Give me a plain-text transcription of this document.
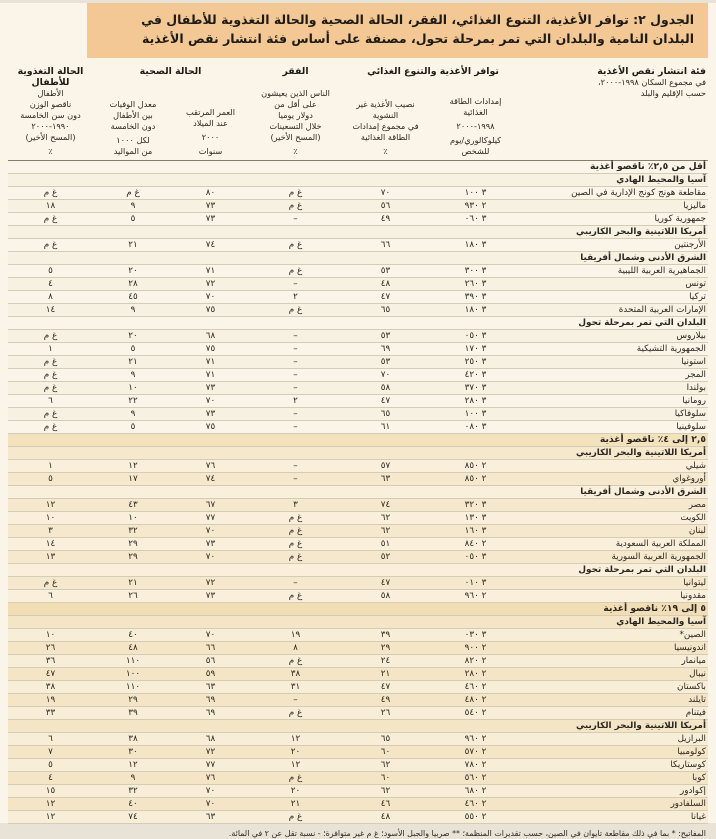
الجدول ٢: توافر الأغذية، التنوع الغذائي، الفقر، الحالة الصحية والحالة التغذوية للأطفال في البلدان النامية والبلدان التي تمر بمرحلة تحول، مصنفة على أساس فئة انتشار نقص الأغذية
فئة انتشار نقص الأغذية
في مجموع السكان ١٩٩٨-٢٠٠٠،
حسب الإقليم والبلد	توافر الأغذية والتنوع الغذائي		الفقر	الحالة الصحية		الحالة التغذوية للأطفال

إمدادات الطاقة
الغذائية
١٩٩٨-٢٠٠٠
كيلوكالوري/يوم
للشخص

نصيب الأغذية غير النشوية
في مجموع إمدادات
الطاقة الغذائية
٪

الناس الذين يعيشون
على أقل من
دولار يوميا
خلال التسعينات
(المسح الأخير)
٪

العمر المرتقب
عند الميلاد
٢٠٠٠
سنوات

معدل الوفيات
بين الأطفال
دون الخامسة
لكل ١٠٠٠
من المواليد

الأطفال
ناقصو الوزن
دون سن الخامسة
١٩٩٠-٢٠٠٠
(المسح الأخير)
٪

أقل من ٢,٥٪ ناقصو أغذية						
آسيا والمحيط الهادي						
مقاطعة هونج كونج الإدارية في الصين	٣ ١٠٠	٧٠	غ م	٨٠	غ م	غ م
ماليزيا	٢ ٩٣٠	٥٦	غ م	٧٣	٩	١٨
جمهورية كوريا	٣ ٠٦٠	٤٩	–	٧٣	٥	غ م
أمريكا اللاتينية والبحر الكاريبي						
الأرجنتين	٣ ١٨٠	٦٦	غ م	٧٤	٢١	غ م
الشرق الأدنى وشمال أفريقيا						
الجماهيرية العربية الليبية	٣ ٣٠٠	٥٣	غ م	٧١	٢٠	٥
تونس	٣ ٢٦٠	٤٨	–	٧٢	٢٨	٤
تركيا	٣ ٣٩٠	٤٧	٢	٧٠	٤٥	٨
الإمارات العربية المتحدة	٣ ١٨٠	٦٥	غ م	٧٥	٩	١٤
البلدان التي تمر بمرحلة تحول						
بيلاروس	٣ ٠٥٠	٥٣	–	٦٨	٢٠	غ م
الجمهورية التشيكية	٣ ١٧٠	٦٩	–	٧٥	٥	١
استونيا	٣ ٢٥٠	٥٣	–	٧١	٢١	غ م
المجر	٣ ٤٢٠	٧٠	–	٧١	٩	غ م
بولندا	٣ ٣٧٠	٥٨	–	٧٣	١٠	غ م
رومانيا	٣ ٢٨٠	٤٧	٢	٧٠	٢٢	٦
سلوفاكيا	٣ ١٠٠	٦٥	–	٧٣	٩	غ م
سلوفينيا	٣ ٠٨٠	٦١	–	٧٥	٥	غ م
٢,٥ إلى ٤٪ ناقصو أغذية						
أمريكا اللاتينية والبحر الكاريبي						
شيلي	٢ ٨٥٠	٥٧	–	٧٦	١٢	١
أوروغواي	٢ ٨٥٠	٦٣	–	٧٤	١٧	٥
الشرق الأدنى وشمال أفريقيا						
مصر	٣ ٣٢٠	٧٤	٣	٦٧	٤٣	١٢
الكويت	٣ ١٣٠	٦٢	غ م	٧٧	١٠	١٠
لبنان	٣ ١٦٠	٦٢	غ م	٧٠	٣٢	٣
المملكة العربية السعودية	٢ ٨٤٠	٥١	غ م	٧٣	٢٩	١٤
الجمهورية العربية السورية	٣ ٠٥٠	٥٢	غ م	٧٠	٢٩	١٣
البلدان التي تمر بمرحلة تحول						
ليتوانيا	٣ ٠١٠	٤٧	–	٧٢	٢١	غ م
مقدونيا	٢ ٩٦٠	٥٨	غ م	٧٣	٢٦	٦
٥ إلى ١٩٪ ناقصو أغذية						
آسيا والمحيط الهادي						
الصين*	٣ ٠٣٠	٣٩	١٩	٧٠	٤٠	١٠
اندونيسيا	٢ ٩٠٠	٢٩	٨	٦٦	٤٨	٢٦
ميانمار	٢ ٨٢٠	٢٤	غ م	٥٦	١١٠	٣٦
نيبال	٢ ٢٨٠	٢١	٣٨	٥٩	١٠٠	٤٧
باكستان	٢ ٤٦٠	٤٧	٣١	٦٣	١١٠	٣٨
تايلند	٢ ٤٨٠	٤٩	–	٦٩	٢٩	١٩
فيتنام	٢ ٥٤٠	٢٦	غ م	٦٩	٣٩	٣٣
أمريكا اللاتينية والبحر الكاريبي						
البرازيل	٢ ٩٦٠	٦٥	١٢	٦٨	٣٨	٦
كولومبيا	٢ ٥٧٠	٦٠	٢٠	٧٢	٣٠	٧
كوستاريكا	٢ ٧٨٠	٦٢	١٢	٧٧	١٢	٥
كوبا	٢ ٥٦٠	٦٠	غ م	٧٦	٩	٤
إكوادور	٢ ٦٨٠	٦٢	٢٠	٧٠	٣٢	١٥
السلفادور	٢ ٤٦٠	٤٦	٢١	٧٠	٤٠	١٢
غيانا	٢ ٥٥٠	٤٨	غ م	٦٣	٧٤	١٢
المفاتيح: * بما في ذلك مقاطعة تايوان في الصين، حسب تقديرات المنظمة؛ ** صربيا والجبل الأسود؛ غ م غير متوافرة؛ - نسبة تقل عن ٢ في المائة.
